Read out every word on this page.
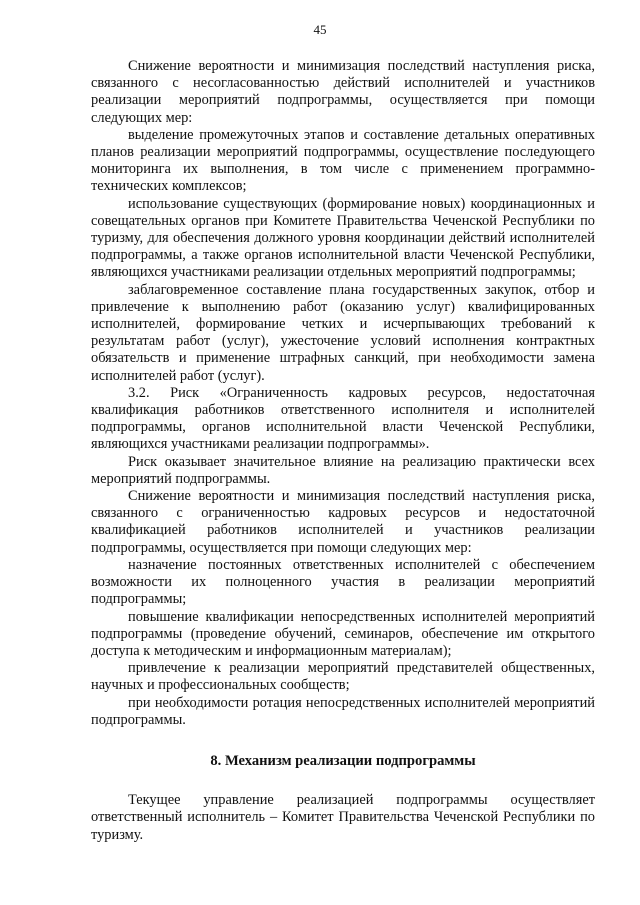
45

Снижение вероятности и минимизация последствий наступления риска, связанного с несогласованностью действий исполнителей и участников реализации мероприятий подпрограммы, осуществляется при помощи следующих мер:

выделение промежуточных этапов и составление детальных оперативных планов реализации мероприятий подпрограммы, осуществление последующего мониторинга их выполнения, в том числе с применением программно-технических комплексов;

использование существующих (формирование новых) координационных и совещательных органов при Комитете Правительства Чеченской Республики по туризму, для обеспечения должного уровня координации действий исполнителей подпрограммы, а также органов исполнительной власти Чеченской Республики, являющихся участниками реализации отдельных мероприятий подпрограммы;

заблаговременное составление плана государственных закупок, отбор и привлечение к выполнению работ (оказанию услуг) квалифицированных исполнителей, формирование четких и исчерпывающих требований к результатам работ (услуг), ужесточение условий исполнения контрактных обязательств и применение штрафных санкций, при необходимости замена исполнителей работ (услуг).

3.2. Риск «Ограниченность кадровых ресурсов, недостаточная квалификация работников ответственного исполнителя и исполнителей подпрограммы, органов исполнительной власти Чеченской Республики, являющихся участниками реализации подпрограммы».

Риск оказывает значительное влияние на реализацию практически всех мероприятий подпрограммы.

Снижение вероятности и минимизация последствий наступления риска, связанного с ограниченностью кадровых ресурсов и недостаточной квалификацией работников исполнителей и участников реализации подпрограммы, осуществляется при помощи следующих мер:

назначение постоянных ответственных исполнителей с обеспечением возможности их полноценного участия в реализации мероприятий подпрограммы;

повышение квалификации непосредственных исполнителей мероприятий подпрограммы (проведение обучений, семинаров, обеспечение им открытого доступа к методическим и информационным материалам);

привлечение к реализации мероприятий представителей общественных, научных и профессиональных сообществ;

при необходимости ротация непосредственных исполнителей мероприятий подпрограммы.

8. Механизм реализации подпрограммы

Текущее управление реализацией подпрограммы осуществляет ответственный исполнитель – Комитет Правительства Чеченской Республики по туризму.
